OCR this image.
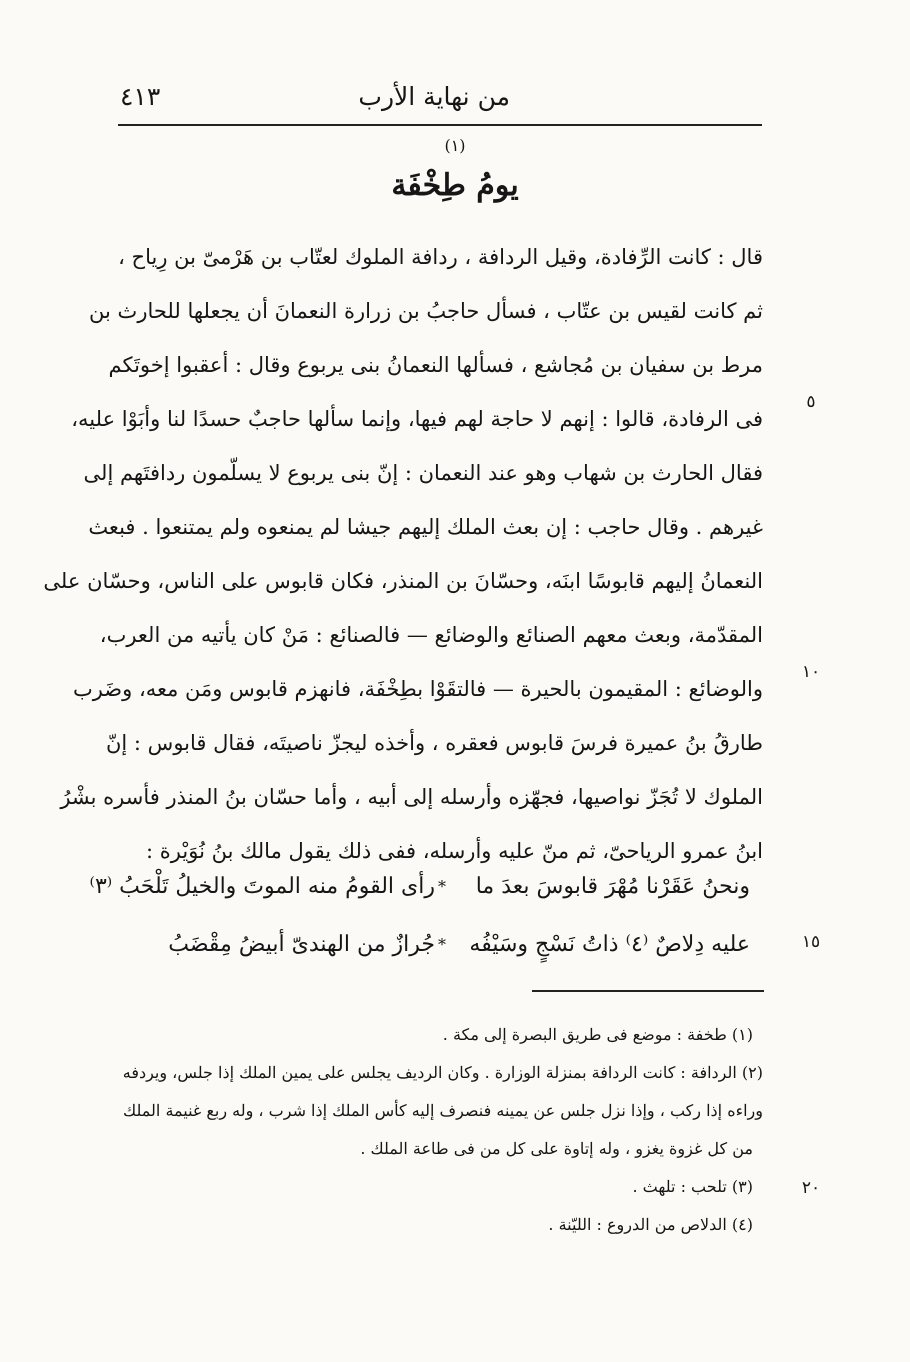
من نهاية الأرب
٤١٣
(١)
يومُ طِخْفَة
قال : كانت الرِّفادة، وقيل الردافة ، ردافة الملوك لعتّاب بن هَرْمىّ بن رِياح ،
ثم كانت لقيس بن عتّاب ، فسأل حاجبُ بن زرارة النعمانَ أن يجعلها للحارث بن
مرط بن سفيان بن مُجاشع ، فسألها النعمانُ بنى يربوع وقال : أعقبوا إخوتَكم
فى الرفادة، قالوا : إنهم لا حاجة لهم فيها، وإنما سألها حاجبٌ حسدًا لنا وأبَوْا عليه،
فقال الحارث بن شهاب وهو عند النعمان : إنّ بنى يربوع لا يسلّمون ردافتَهم إلى
غيرهم . وقال حاجب : إن بعث الملك إليهم جيشا لم يمنعوه ولم يمتنعوا . فبعث
النعمانُ إليهم قابوسًا ابنَه، وحسّانَ بن المنذر، فكان قابوس على الناس، وحسّان على
المقدّمة، وبعث معهم الصنائع والوضائع — فالصنائع : مَنْ كان يأتيه من العرب،
والوضائع : المقيمون بالحيرة — فالتقَوْا بطِخْفَة، فانهزم قابوس ومَن معه، وضَرب
طارقُ بنُ عميرة فرسَ قابوس فعقره ، وأخذه ليجزّ ناصيتَه، فقال قابوس : إنّ
الملوك لا تُجَزّ نواصيها، فجهّزه وأرسله إلى أبيه ، وأما حسّان بنُ المنذر فأسره بشْرُ
ابنُ عمرو الرياحىّ، ثم منّ عليه وأرسله، ففى ذلك يقول مالك بنُ نُوَيْرة :
ونحنُ عَقَرْنا مُهْرَ قابوسَ بعدَ ما
*
رأى القومُ منه الموتَ والخيلُ تَلْحَبُ ⁽٣⁾
عليه دِلاصٌ ⁽٤⁾ ذاتُ نَسْجٍ وسَيْفُه
*
جُرازٌ من الهندىّ أبيضُ مِقْضَبُ
(١) طخفة : موضع فى طريق البصرة إلى مكة .
(٢) الردافة : كانت الردافة بمنزلة الوزارة . وكان الرديف يجلس على يمين الملك إذا جلس، ويردفه
وراءه إذا ركب ، وإذا نزل جلس عن يمينه فنصرف إليه كأس الملك إذا شرب ، وله ربع غنيمة الملك
من كل غزوة يغزو ، وله إتاوة على كل من فى طاعة الملك .
(٣) تلحب : تلهث .
(٤) الدلاص من الدروع : الليّنة .
٥
١٠
١٥
٢٠
